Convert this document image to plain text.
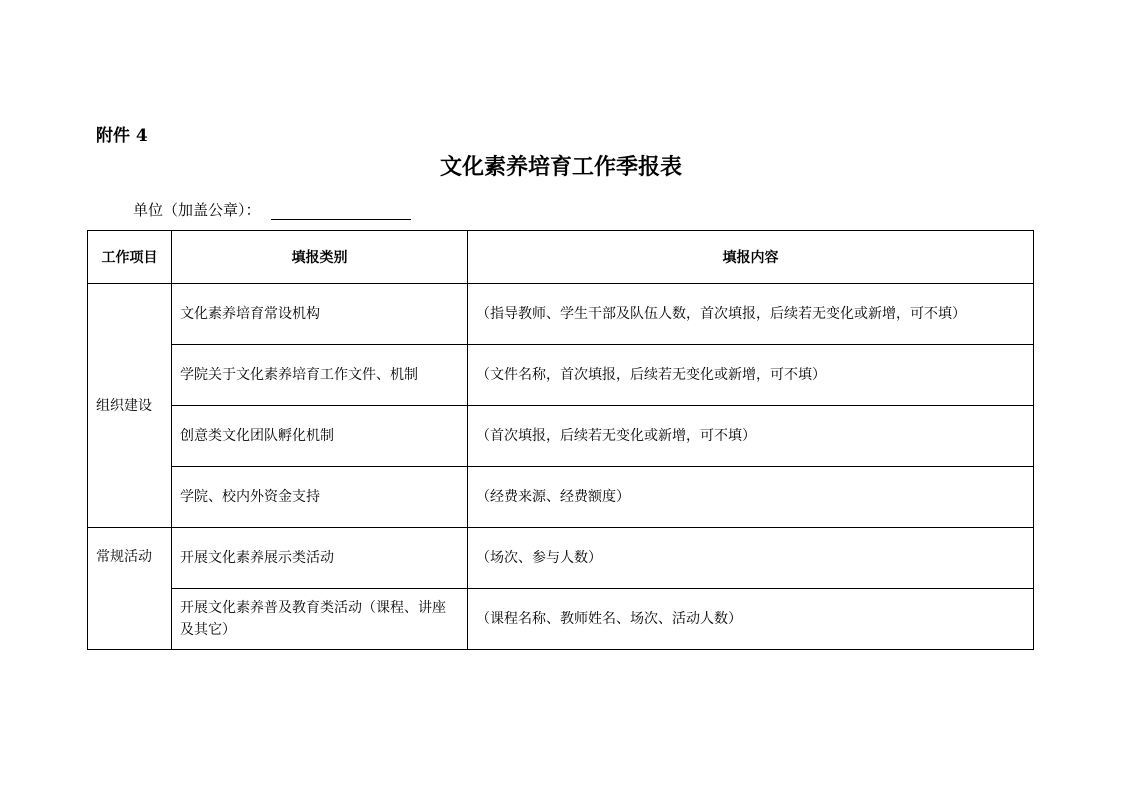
附件 4
文化素养培育工作季报表
单位（加盖公章）：
工作项目	填报类别	填报内容
组织建设	文化素养培育常设机构	（指导教师、学生干部及队伍人数，首次填报，后续若无变化或新增，可不填）
	学院关于文化素养培育工作文件、机制	（文件名称，首次填报，后续若无变化或新增，可不填）
	创意类文化团队孵化机制	（首次填报，后续若无变化或新增，可不填）
	学院、校内外资金支持	（经费来源、经费额度）
常规活动	开展文化素养展示类活动	（场次、参与人数）
	开展文化素养普及教育类活动（课程、讲座及其它）	（课程名称、教师姓名、场次、活动人数）
